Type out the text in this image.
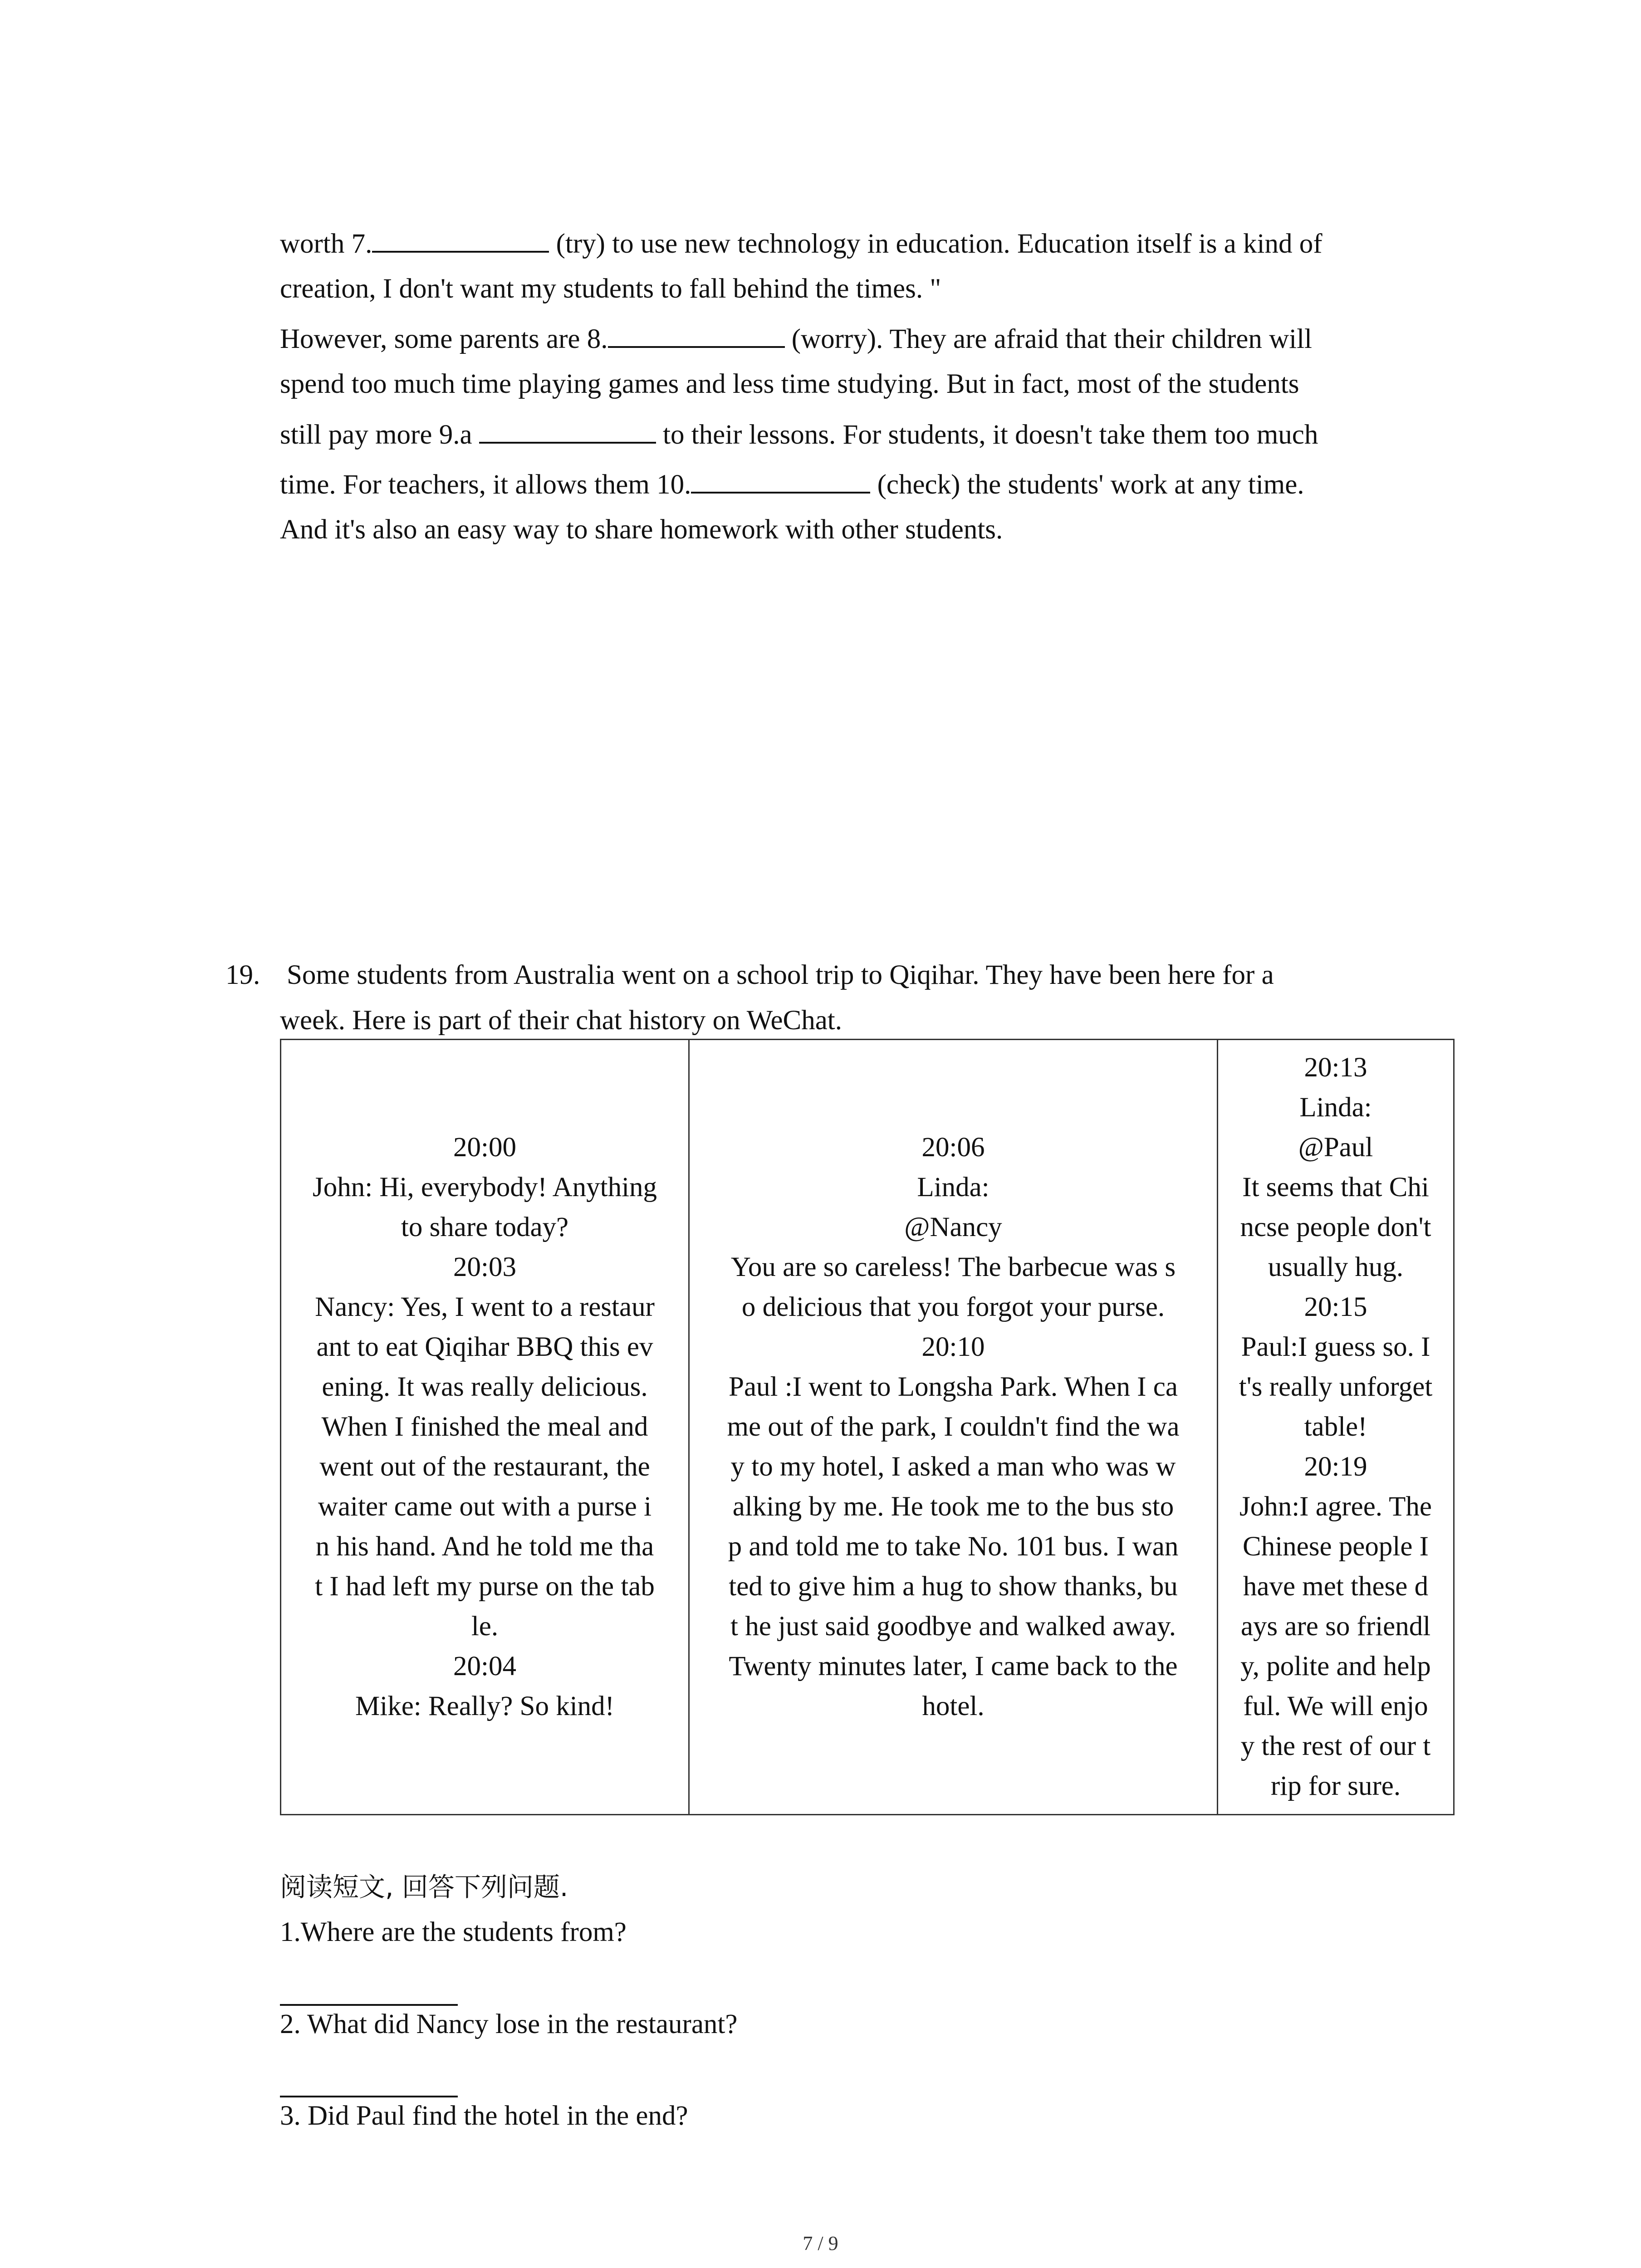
worth 7.	(try) to use new technology in education. Education itself is a kind of
creation, I don't want my students to fall behind the times. "
However, some parents are 8.	(worry). They are afraid that their children will
spend too much time playing games and less time studying. But in fact, most of the students
still pay more 9.a	to their lessons. For students, it doesn't take them too much
time. For teachers, it allows them 10.	(check) the students' work at any time.
And it's also an easy way to share homework with other students.
19. Some students from Australia went on a school trip to Qiqihar. They have been here for a
week. Here is part of their chat history on WeChat.
20:00
John: Hi, everybody! Anything
to share today?
20:03
Nancy: Yes, I went to a restaur
ant to eat Qiqihar BBQ this ev
ening. It was really delicious.
When I finished the meal and
went out of the restaurant, the
waiter came out with a purse i
n his hand. And he told me tha
t I had left my purse on the tab
le.
20:04
Mike: Really? So kind!

20:06
Linda:
@Nancy
You are so careless! The barbecue was s
o delicious that you forgot your purse.
20:10
Paul :I went to Longsha Park. When I ca
me out of the park, I couldn't find the wa
y to my hotel, I asked a man who was w
alking by me. He took me to the bus sto
p and told me to take No. 101 bus. I wan
ted to give him a hug to show thanks, bu
t he just said goodbye and walked away.
Twenty minutes later, I came back to the
hotel.

20:13
Linda:
@Paul
It seems that Chi
ncse people don't
usually hug.
20:15
Paul:I guess so. I
t's really unforget
table!
20:19
John:I agree. The
Chinese people I
have met these d
ays are so friendl
y, polite and help
ful. We will enjo
y the rest of our t
rip for sure.
阅读短文, 回答下列问题.
1.Where are the students from?
2. What did Nancy lose in the restaurant?
3. Did Paul find the hotel in the end?
7 / 9
